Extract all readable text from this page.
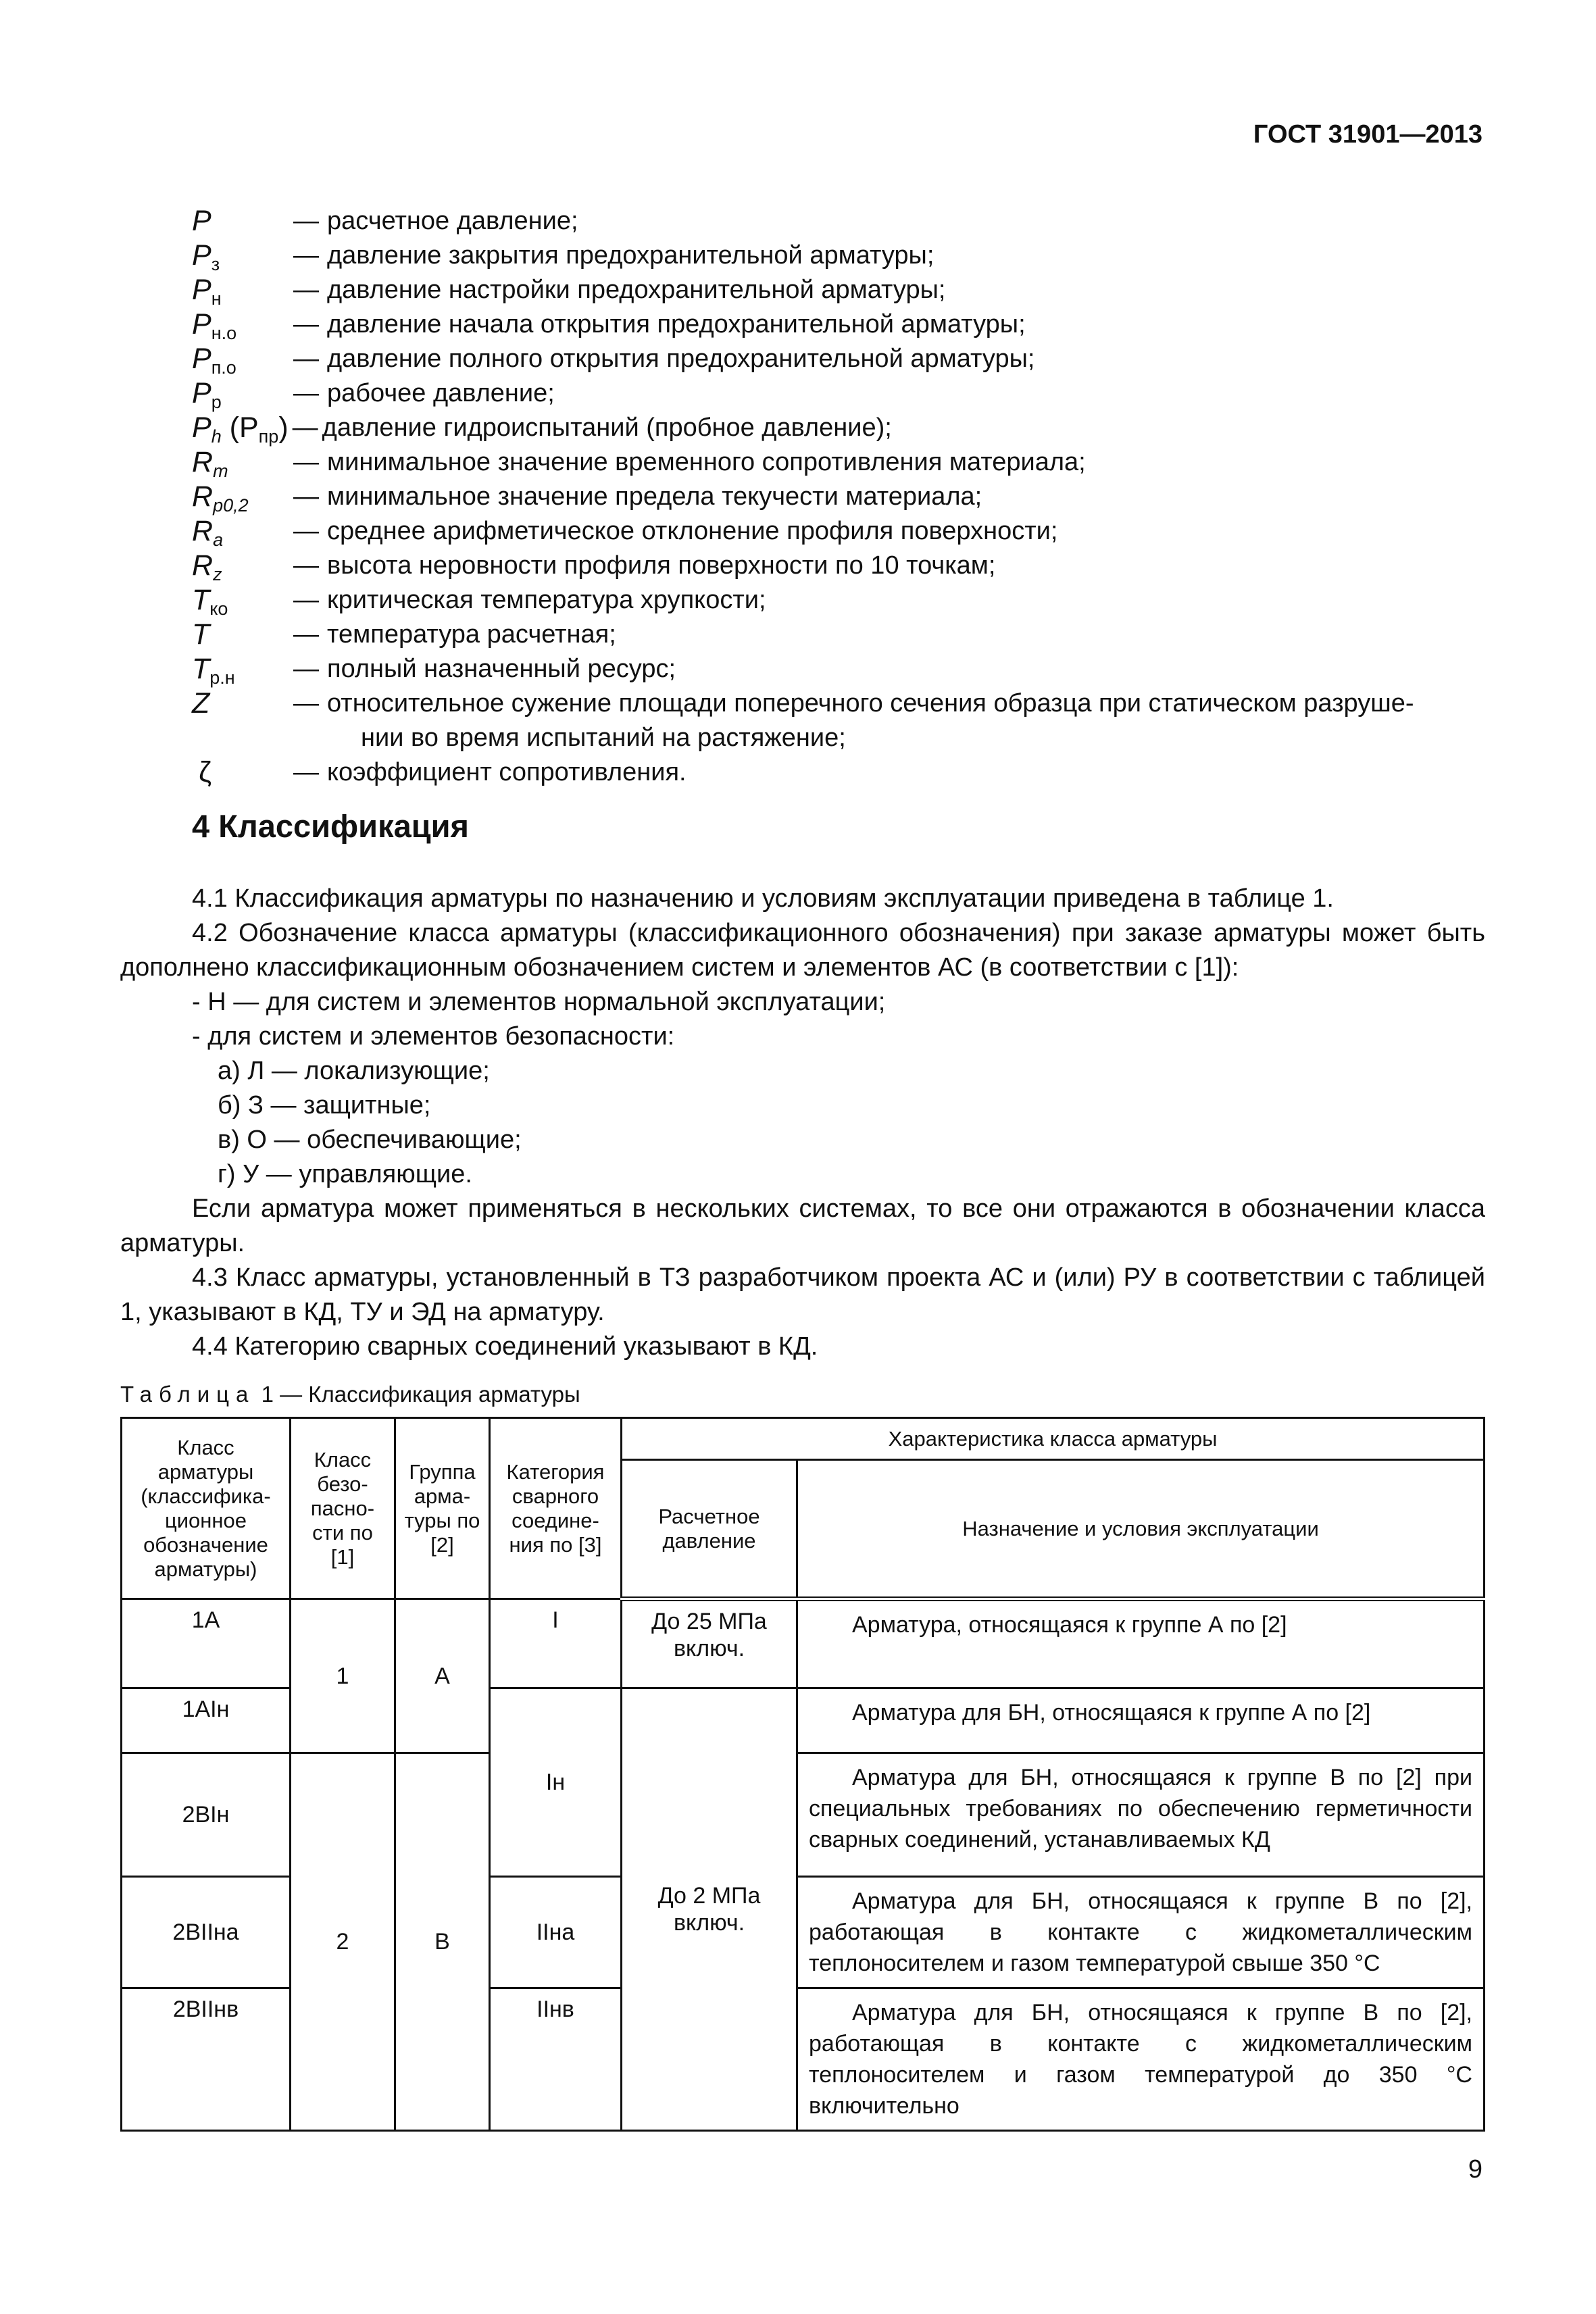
ГОСТ 31901—2013
P	— расчетное давление;
$P_з$	— давление закрытия предохранительной арматуры;
$P_н$	— давление настройки предохранительной арматуры;
$P_{н.о}$	— давление начала открытия предохранительной арматуры;
$P_{п.о}$	— давление полного открытия предохранительной арматуры;
$P_р$	— рабочее давление;
$P_h$ $(P_{пр})$ — давление гидроиспытаний (пробное давление);
$R_m$	— минимальное значение временного сопротивления материала;
$R_{p0,2}$	— минимальное значение предела текучести материала;
$R_a$	— среднее арифметическое отклонение профиля поверхности;
$R_z$	— высота неровности профиля поверхности по 10 точкам;
$T_{ко}$	— критическая температура хрупкости;
T	— температура расчетная;
$T_{р.н}$	— полный назначенный ресурс;
Z	— относительное сужение площади поперечного сечения образца при статическом разруше-
нии во время испытаний на растяжение;
ζ	— коэффициент сопротивления.
4 Классификация

4.1 Классификация арматуры по назначению и условиям эксплуатации приведена в таблице 1.

4.2 Обозначение класса арматуры (классификационного обозначения) при заказе арматуры может быть дополнено классификационным обозначением систем и элементов АС (в соответствии с [1]):

- Н — для систем и элементов нормальной эксплуатации;

- для систем и элементов безопасности:

а) Л — локализующие;

б) З — защитные;

в) О — обеспечивающие;

г) У — управляющие.

Если арматура может применяться в нескольких системах, то все они отражаются в обозначении класса арматуры.

4.3 Класс арматуры, установленный в ТЗ разработчиком проекта АС и (или) РУ в соответствии с таблицей 1, указывают в КД, ТУ и ЭД на арматуру.

4.4 Категорию сварных соединений указывают в КД.

Таблица 1 — Классификация арматуры
Класс арматуры (классифика-ционное обозначение арматуры)	Класс безо-пасно-сти по [1]	Группа арма-туры по [2]	Категория сварного соедине-ния по [3]	Характеристика класса арматуры	
				Расчетное давление	Назначение и условия эксплуатации
1А	1	А	I	До 25 МПа включ.	Арматура, относящаяся к группе А по [2]
1АIн			Iн	До 2 МПа включ.	Арматура для БН, относящаяся к группе А по [2]
2ВIн	2	В			Арматура для БН, относящаяся к группе В по [2] при специальных требованиях по обеспечению герметичности сварных соединений, устанавливаемых КД
2ВIIна			IIна		Арматура для БН, относящаяся к группе В по [2], работающая в контакте с жидкометаллическим теплоносителем и газом температурой свыше 350 °С
2ВIIнв			IIнв		Арматура для БН, относящаяся к группе В по [2], работающая в контакте с жидкометаллическим теплоносителем и газом температурой до 350 °С включительно
9
